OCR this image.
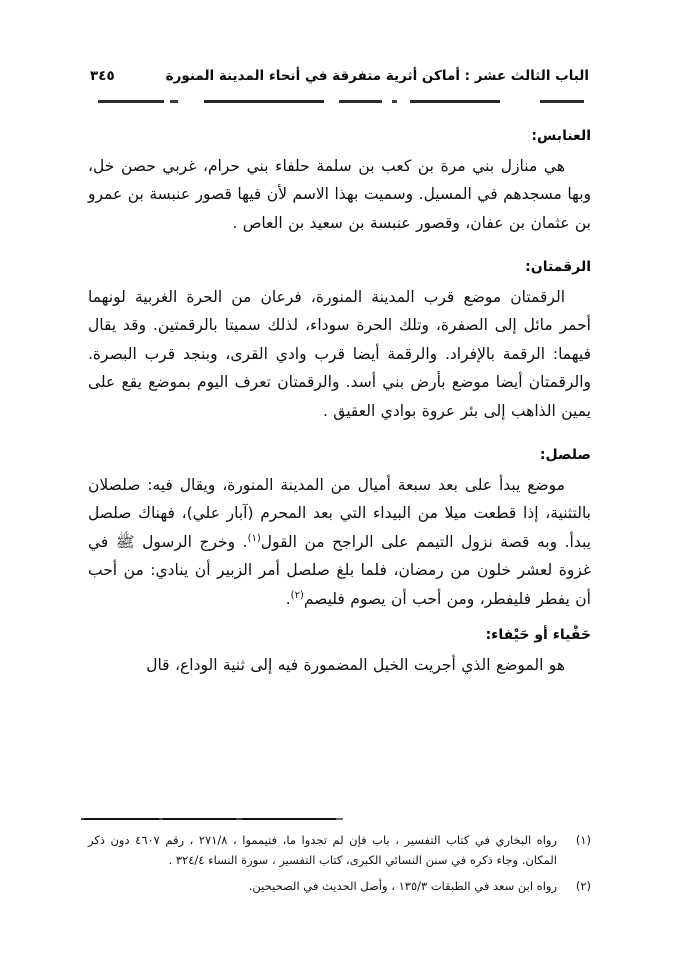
الباب الثالث عشر : أماكن أثرية متفرقة في أنحاء المدينة المنورة
٣٤٥
العنابس:

هي منازل بني مرة بن كعب بن سلمة حلفاء بني حرام، غربي حصن خل، وبها مسجدهم في المسيل. وسميت بهذا الاسم لأن فيها قصور عنبسة بن عمرو بن عثمان بن عفان، وقصور عنبسة بن سعيد بن العاص .

الرقمتان:

الرقمتان موضع قرب المدينة المنورة، فرعان من الحرة الغربية لونهما أحمر مائل إلى الصفرة، وتلك الحرة سوداء، لذلك سميتا بالرقمتين. وقد يقال فيهما: الرقمة بالإفراد. والرقمة أيضا قرب وادي القرى، وبنجد قرب البصرة. والرقمتان أيضا موضع بأرض بني أسد. والرقمتان تعرف اليوم بموضع يقع على يمين الذاهب إلى بئر عروة بوادي العقيق .

صلصل:

موضع يبدأ على بعد سبعة أميال من المدينة المنورة، ويقال فيه: صلصلان بالتثنية، إذا قطعت ميلا من البيداء التي بعد المحرم (آبار علي)، فهناك صلصل يبدأ. وبه قصة نزول التيمم على الراجح من القول$^{(١)}$. وخرج الرسول ﷺ في غزوة لعشر خلون من رمضان، فلما بلغ صلصل أمر الزبير أن ينادي: من أحب أن يفطر فليفطر، ومن أحب أن يصوم فليصم$^{(٢)}$.

حَفْياء أو حَيْفاء:

هو الموضع الذي أجريت الخيل المضمورة فيه إلى ثنية الوداع، قال

(١)
رواه البخاري في كتاب التفسير ، باب فإن لم تجدوا ما، فتيمموا ، ٢٧١/٨ ، رقم ٤٦٠٧ دون ذكر المكان. وجاء ذكره في سنن النسائي الكبرى، كتاب التفسير ، سورة النساء ٣٢٤/٤ .
(٢)
رواه ابن سعد في الطبقات ١٣٥/٣ ، وأصل الحديث في الصحيحين.
